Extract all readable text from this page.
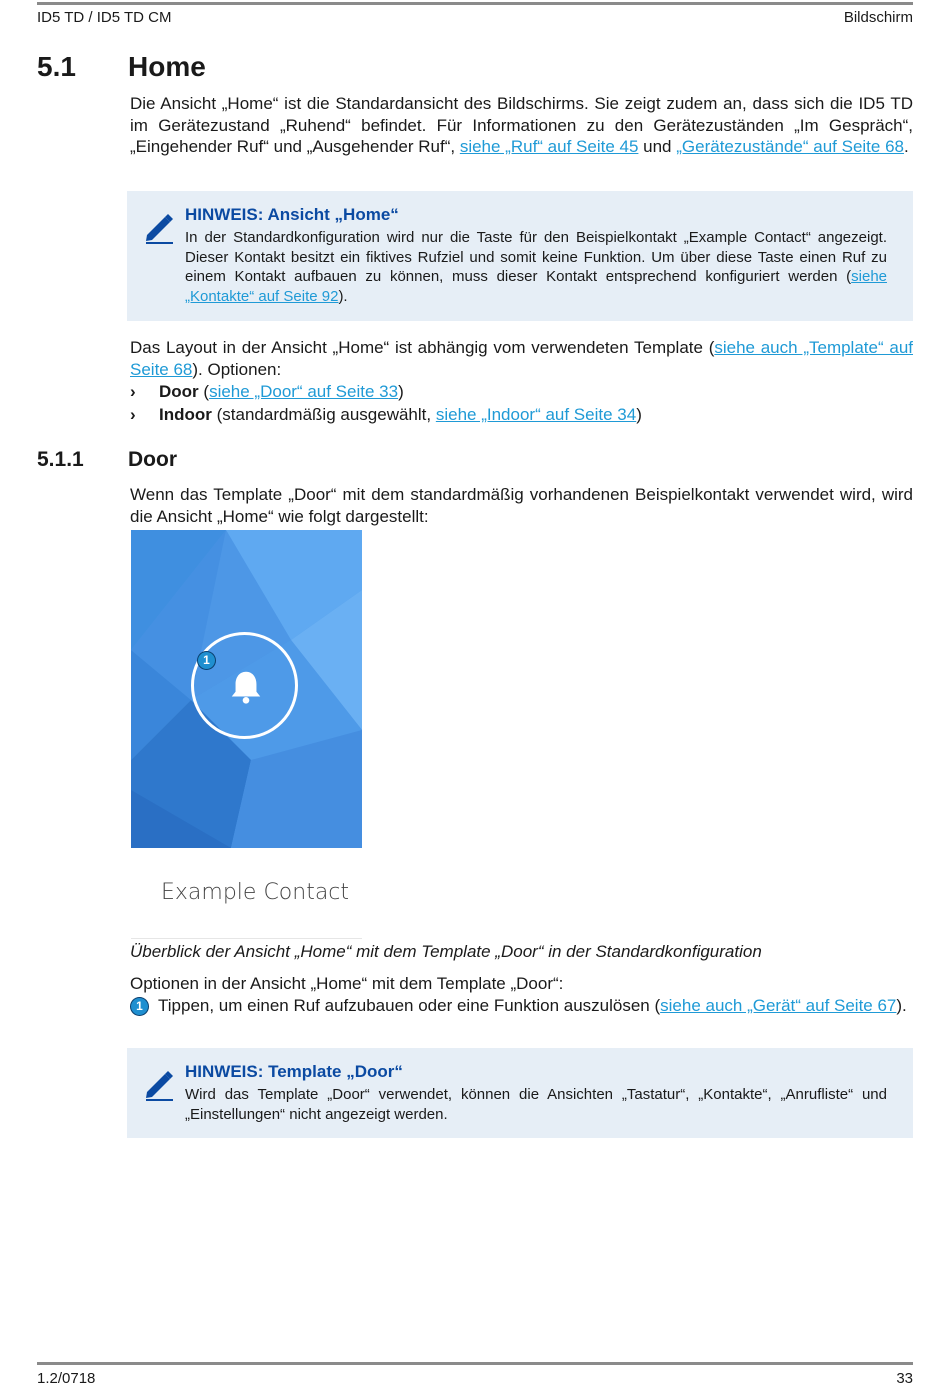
ID5 TD / ID5 TD CM	Bildschirm
5.1 Home
Die Ansicht „Home“ ist die Standardansicht des Bildschirms. Sie zeigt zudem an, dass sich die ID5 TD im Gerätezustand „Ruhend“ befindet. Für Informationen zu den Gerätezuständen „Im Gespräch“, „Eingehender Ruf“ und „Ausgehender Ruf“, siehe „Ruf“ auf Seite 45 und „Gerätezustände“ auf Seite 68.
HINWEIS: Ansicht „Home“
In der Standardkonfiguration wird nur die Taste für den Beispielkontakt „Example Contact“ angezeigt. Dieser Kontakt besitzt ein fiktives Rufziel und somit keine Funktion. Um über diese Taste einen Ruf zu einem Kontakt aufbauen zu können, muss dieser Kontakt entsprechend konfiguriert werden (siehe „Kontakte“ auf Seite 92).
Das Layout in der Ansicht „Home“ ist abhängig vom verwendeten Template (siehe auch „Template“ auf Seite 68). Optionen:
› Door (siehe „Door“ auf Seite 33)
› Indoor (standardmäßig ausgewählt, siehe „Indoor“ auf Seite 34)
5.1.1 Door
Wenn das Template „Door“ mit dem standardmäßig vorhandenen Beispielkontakt verwendet wird, wird die Ansicht „Home“ wie folgt dargestellt:
1
Example Contact
Überblick der Ansicht „Home“ mit dem Template „Door“ in der Standardkonfiguration
Optionen in der Ansicht „Home“ mit dem Template „Door“:
1 Tippen, um einen Ruf aufzubauen oder eine Funktion auszulösen (siehe auch „Gerät“ auf Seite 67).
HINWEIS: Template „Door“
Wird das Template „Door“ verwendet, können die Ansichten „Tastatur“, „Kontakte“, „Anrufliste“ und „Einstellungen“ nicht angezeigt werden.
1.2/0718	33
